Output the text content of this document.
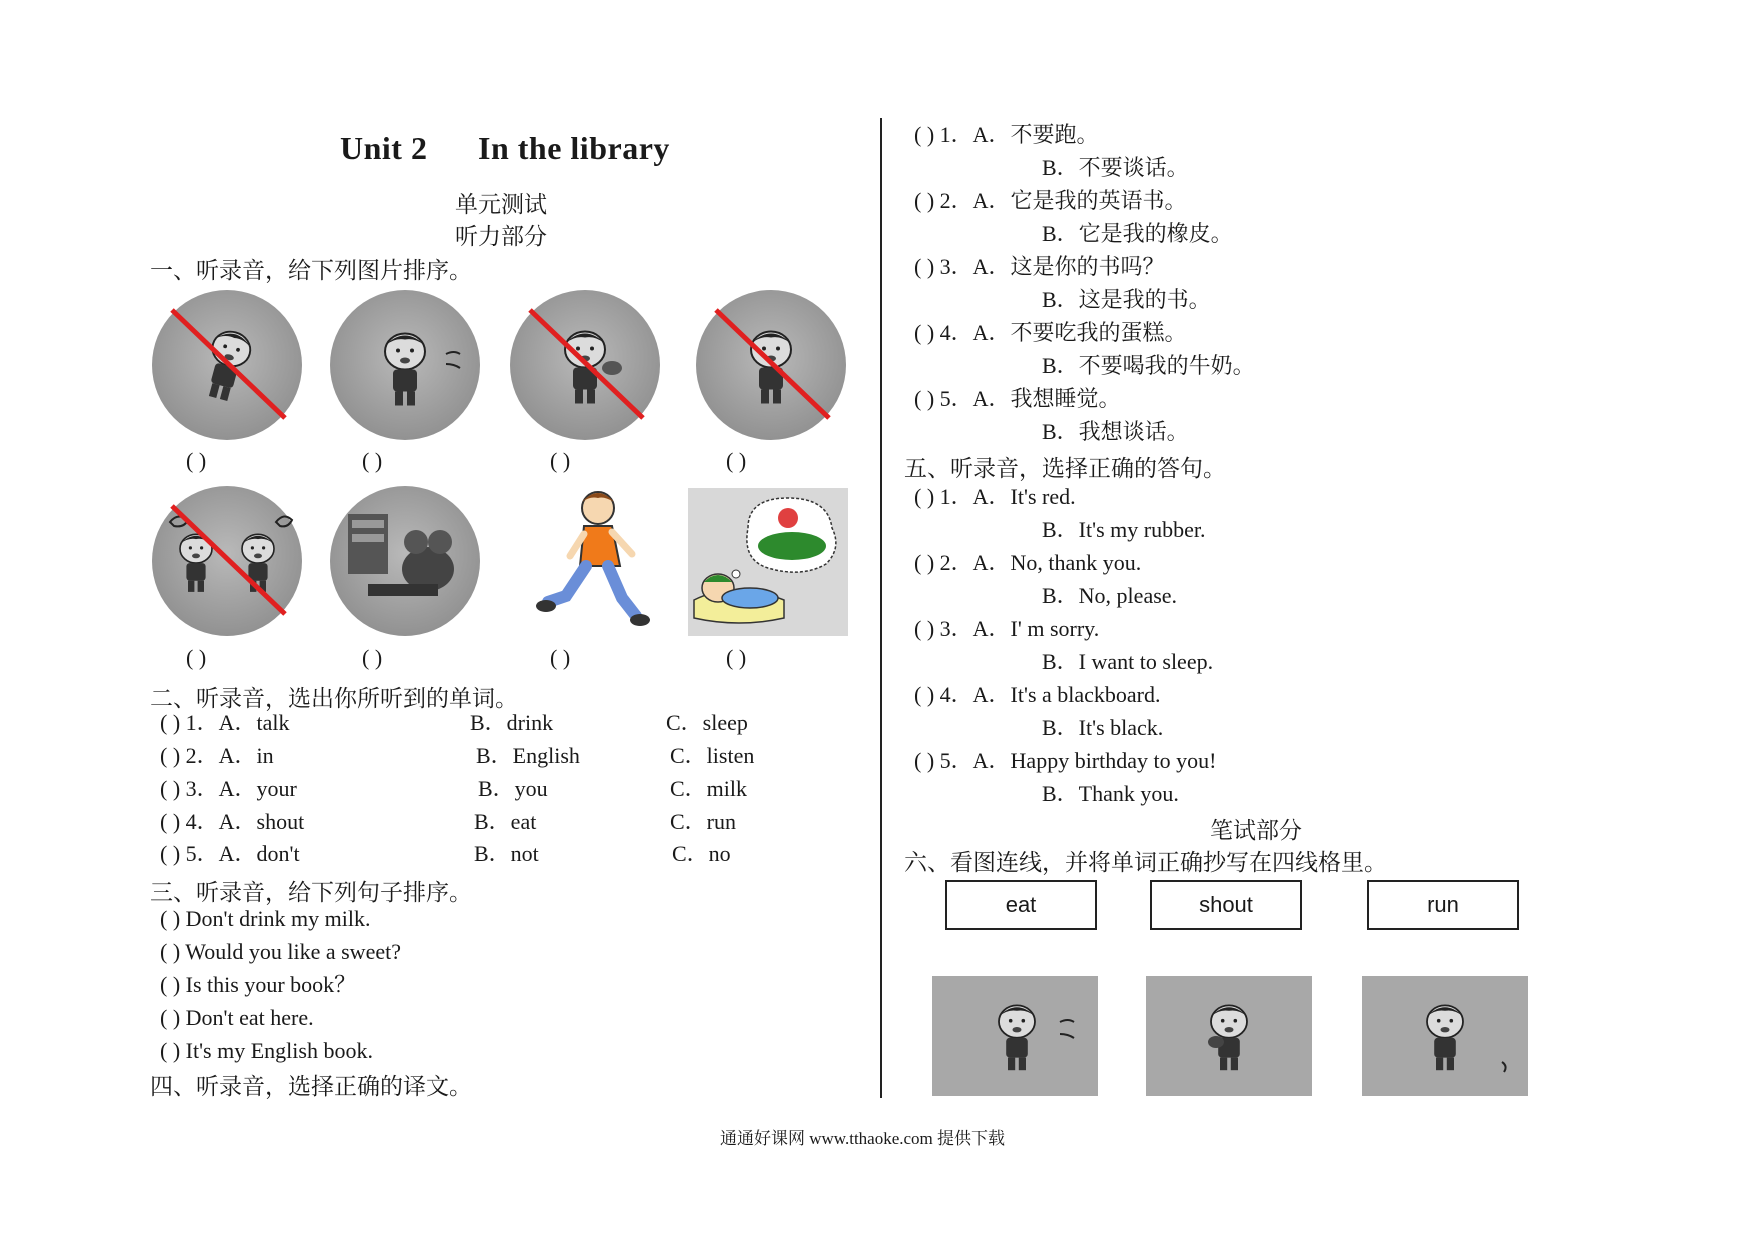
Unit 2 In the library
单元测试
听力部分
一、听录音，给下列图片排序。
( )	( )	( )	( )
( )	( )	( )	( )
二、听录音，选出你所听到的单词。
( ) 1．A．talk	B．drink	C．sleep
( ) 2．A．in	B．English	C．listen
( ) 3．A．your	B．you	C．milk
( ) 4．A．shout	B．eat	C．run
( ) 5．A．don't	B．not	C．no
三、听录音，给下列句子排序。
( ) Don't drink my milk.
( ) Would you like a sweet?
( ) Is this your book？
( ) Don't eat here.
( ) It's my English book.
四、听录音，选择正确的译文。
( ) 1．A．不要跑。
B．不要谈话。
( ) 2．A．它是我的英语书。
B．它是我的橡皮。
( ) 3．A．这是你的书吗？
B．这是我的书。
( ) 4．A．不要吃我的蛋糕。
B．不要喝我的牛奶。
( ) 5．A．我想睡觉。
B．我想谈话。
五、听录音，选择正确的答句。
( ) 1．A．It's red.
B．It's my rubber.
( ) 2．A．No, thank you.
B．No, please.
( ) 3．A．I' m sorry.
B．I want to sleep.
( ) 4．A．It's a blackboard.
B．It's black.
( ) 5．A．Happy birthday to you!
B．Thank you.
笔试部分
六、看图连线，并将单词正确抄写在四线格里。
eat	shout	run
通通好课网 www.tthaoke.com 提供下载
